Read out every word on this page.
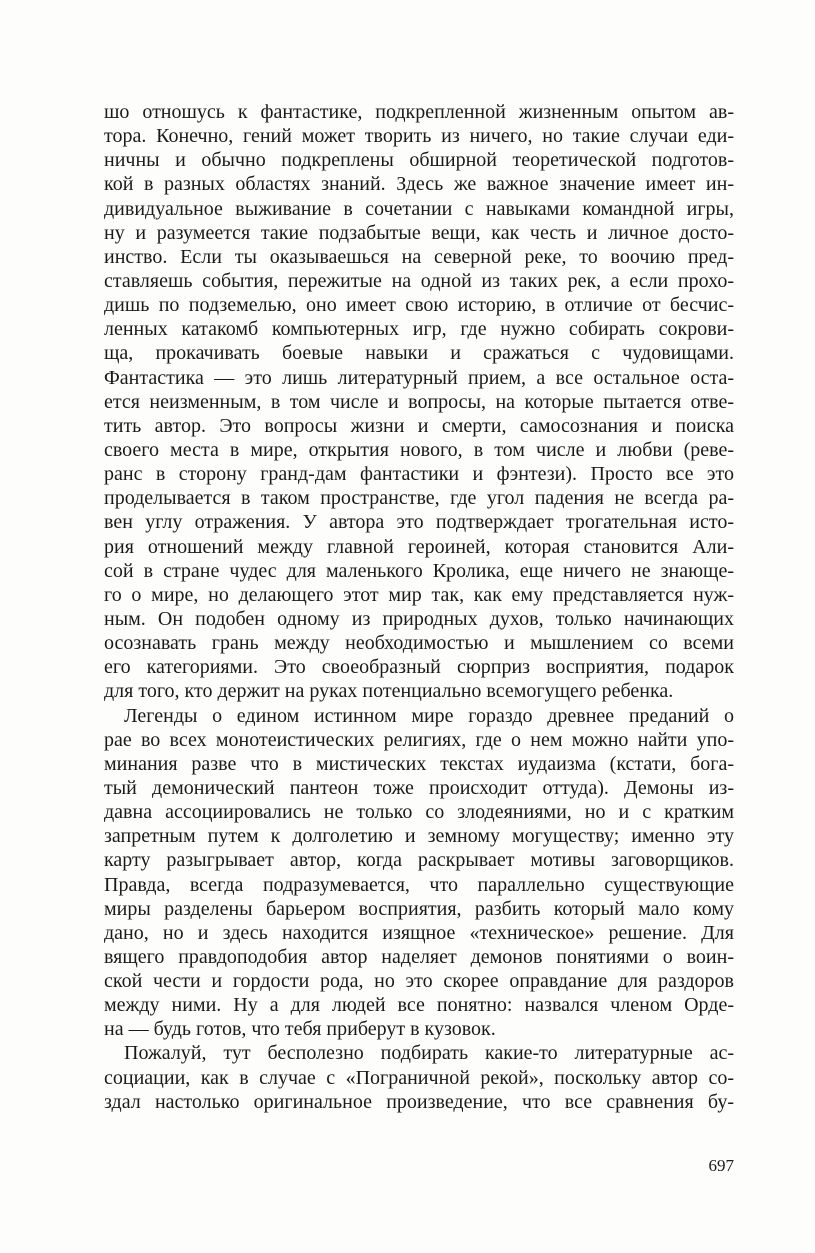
шо отношусь к фантастике, подкрепленной жизненным опытом ав-
тора. Конечно, гений может творить из ничего, но такие случаи еди-
ничны и обычно подкреплены обширной теоретической подготов-
кой в разных областях знаний. Здесь же важное значение имеет ин-
дивидуальное выживание в сочетании с навыками командной игры,
ну и разумеется такие подзабытые вещи, как честь и личное досто-
инство. Если ты оказываешься на северной реке, то воочию пред-
ставляешь события, пережитые на одной из таких рек, а если прохо-
дишь по подземелью, оно имеет свою историю, в отличие от бесчис-
ленных катакомб компьютерных игр, где нужно собирать сокрови-
ща, прокачивать боевые навыки и сражаться с чудовищами.
Фантастика — это лишь литературный прием, а все остальное оста-
ется неизменным, в том числе и вопросы, на которые пытается отве-
тить автор. Это вопросы жизни и смерти, самосознания и поиска
своего места в мире, открытия нового, в том числе и любви (реве-
ранс в сторону гранд-дам фантастики и фэнтези). Просто все это
проделывается в таком пространстве, где угол падения не всегда ра-
вен углу отражения. У автора это подтверждает трогательная исто-
рия отношений между главной героиней, которая становится Али-
сой в стране чудес для маленького Кролика, еще ничего не знающе-
го о мире, но делающего этот мир так, как ему представляется нуж-
ным. Он подобен одному из природных духов, только начинающих
осознавать грань между необходимостью и мышлением со всеми
его категориями. Это своеобразный сюрприз восприятия, подарок
для того, кто держит на руках потенциально всемогущего ребенка.
Легенды о едином истинном мире гораздо древнее преданий о
рае во всех монотеистических религиях, где о нем можно найти упо-
минания разве что в мистических текстах иудаизма (кстати, бога-
тый демонический пантеон тоже происходит оттуда). Демоны из-
давна ассоциировались не только со злодеяниями, но и с кратким
запретным путем к долголетию и земному могуществу; именно эту
карту разыгрывает автор, когда раскрывает мотивы заговорщиков.
Правда, всегда подразумевается, что параллельно существующие
миры разделены барьером восприятия, разбить который мало кому
дано, но и здесь находится изящное «техническое» решение. Для
вящего правдоподобия автор наделяет демонов понятиями о воин-
ской чести и гордости рода, но это скорее оправдание для раздоров
между ними. Ну а для людей все понятно: назвался членом Орде-
на — будь готов, что тебя приберут в кузовок.
Пожалуй, тут бесполезно подбирать какие-то литературные ас-
социации, как в случае с «Пограничной рекой», поскольку автор со-
здал настолько оригинальное произведение, что все сравнения бу-
697
